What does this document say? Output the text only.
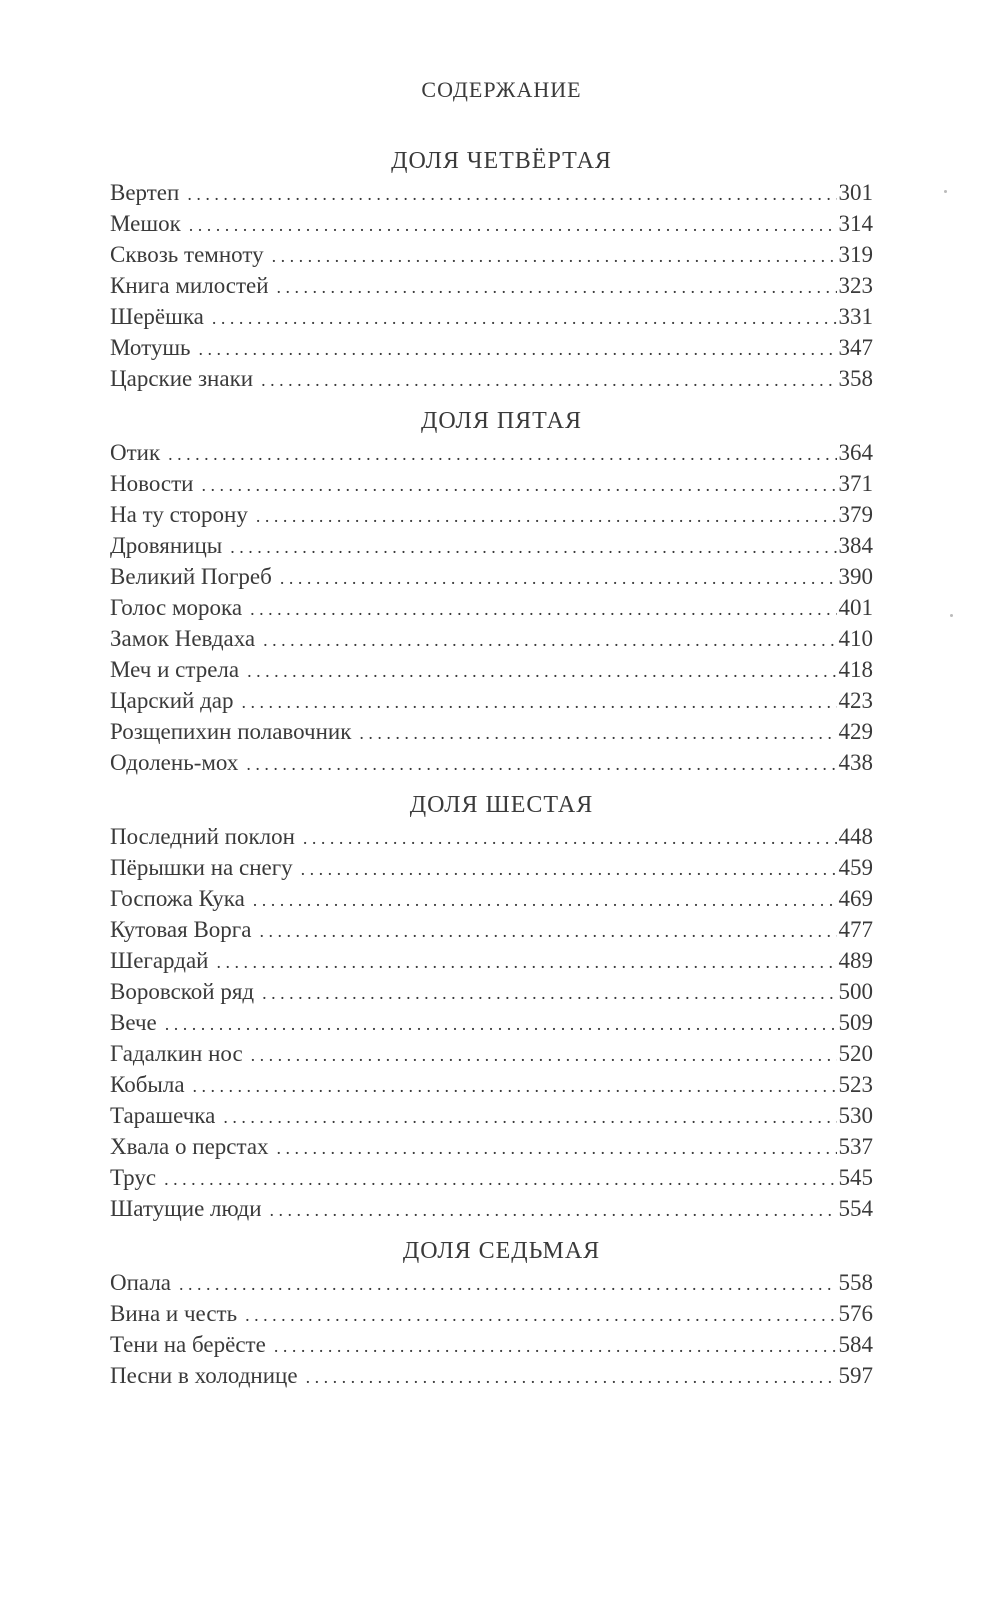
СОДЕРЖАНИЕ
ДОЛЯ ЧЕТВЁРТАЯ
Вертеп . . .	301
Мешок . . .	314
Сквозь темноту . . .	319
Книга милостей . . .	323
Шерёшка . . .	331
Мотушь . . .	347
Царские знаки . . .	358
ДОЛЯ ПЯТАЯ
Отик . . .	364
Новости . . .	371
На ту сторону . . .	379
Дровяницы . . .	384
Великий Погреб . . .	390
Голос морока . . .	401
Замок Невдаха . . .	410
Меч и стрела . . .	418
Царский дар . . .	423
Розщепихин полавочник . . .	429
Одолень-мох . . .	438
ДОЛЯ ШЕСТАЯ
Последний поклон . . .	448
Пёрышки на снегу . . .	459
Госпожа Кука . . .	469
Кутовая Ворга . . .	477
Шегардай . . .	489
Воровской ряд . . .	500
Вече . . .	509
Гадалкин нос . . .	520
Кобыла . . .	523
Тарашечка . . .	530
Хвала о перстах . . .	537
Трус . . .	545
Шатущие люди . . .	554
ДОЛЯ СЕДЬМАЯ
Опала . . .	558
Вина и честь . . .	576
Тени на берёсте . . .	584
Песни в холоднице . . .	597
